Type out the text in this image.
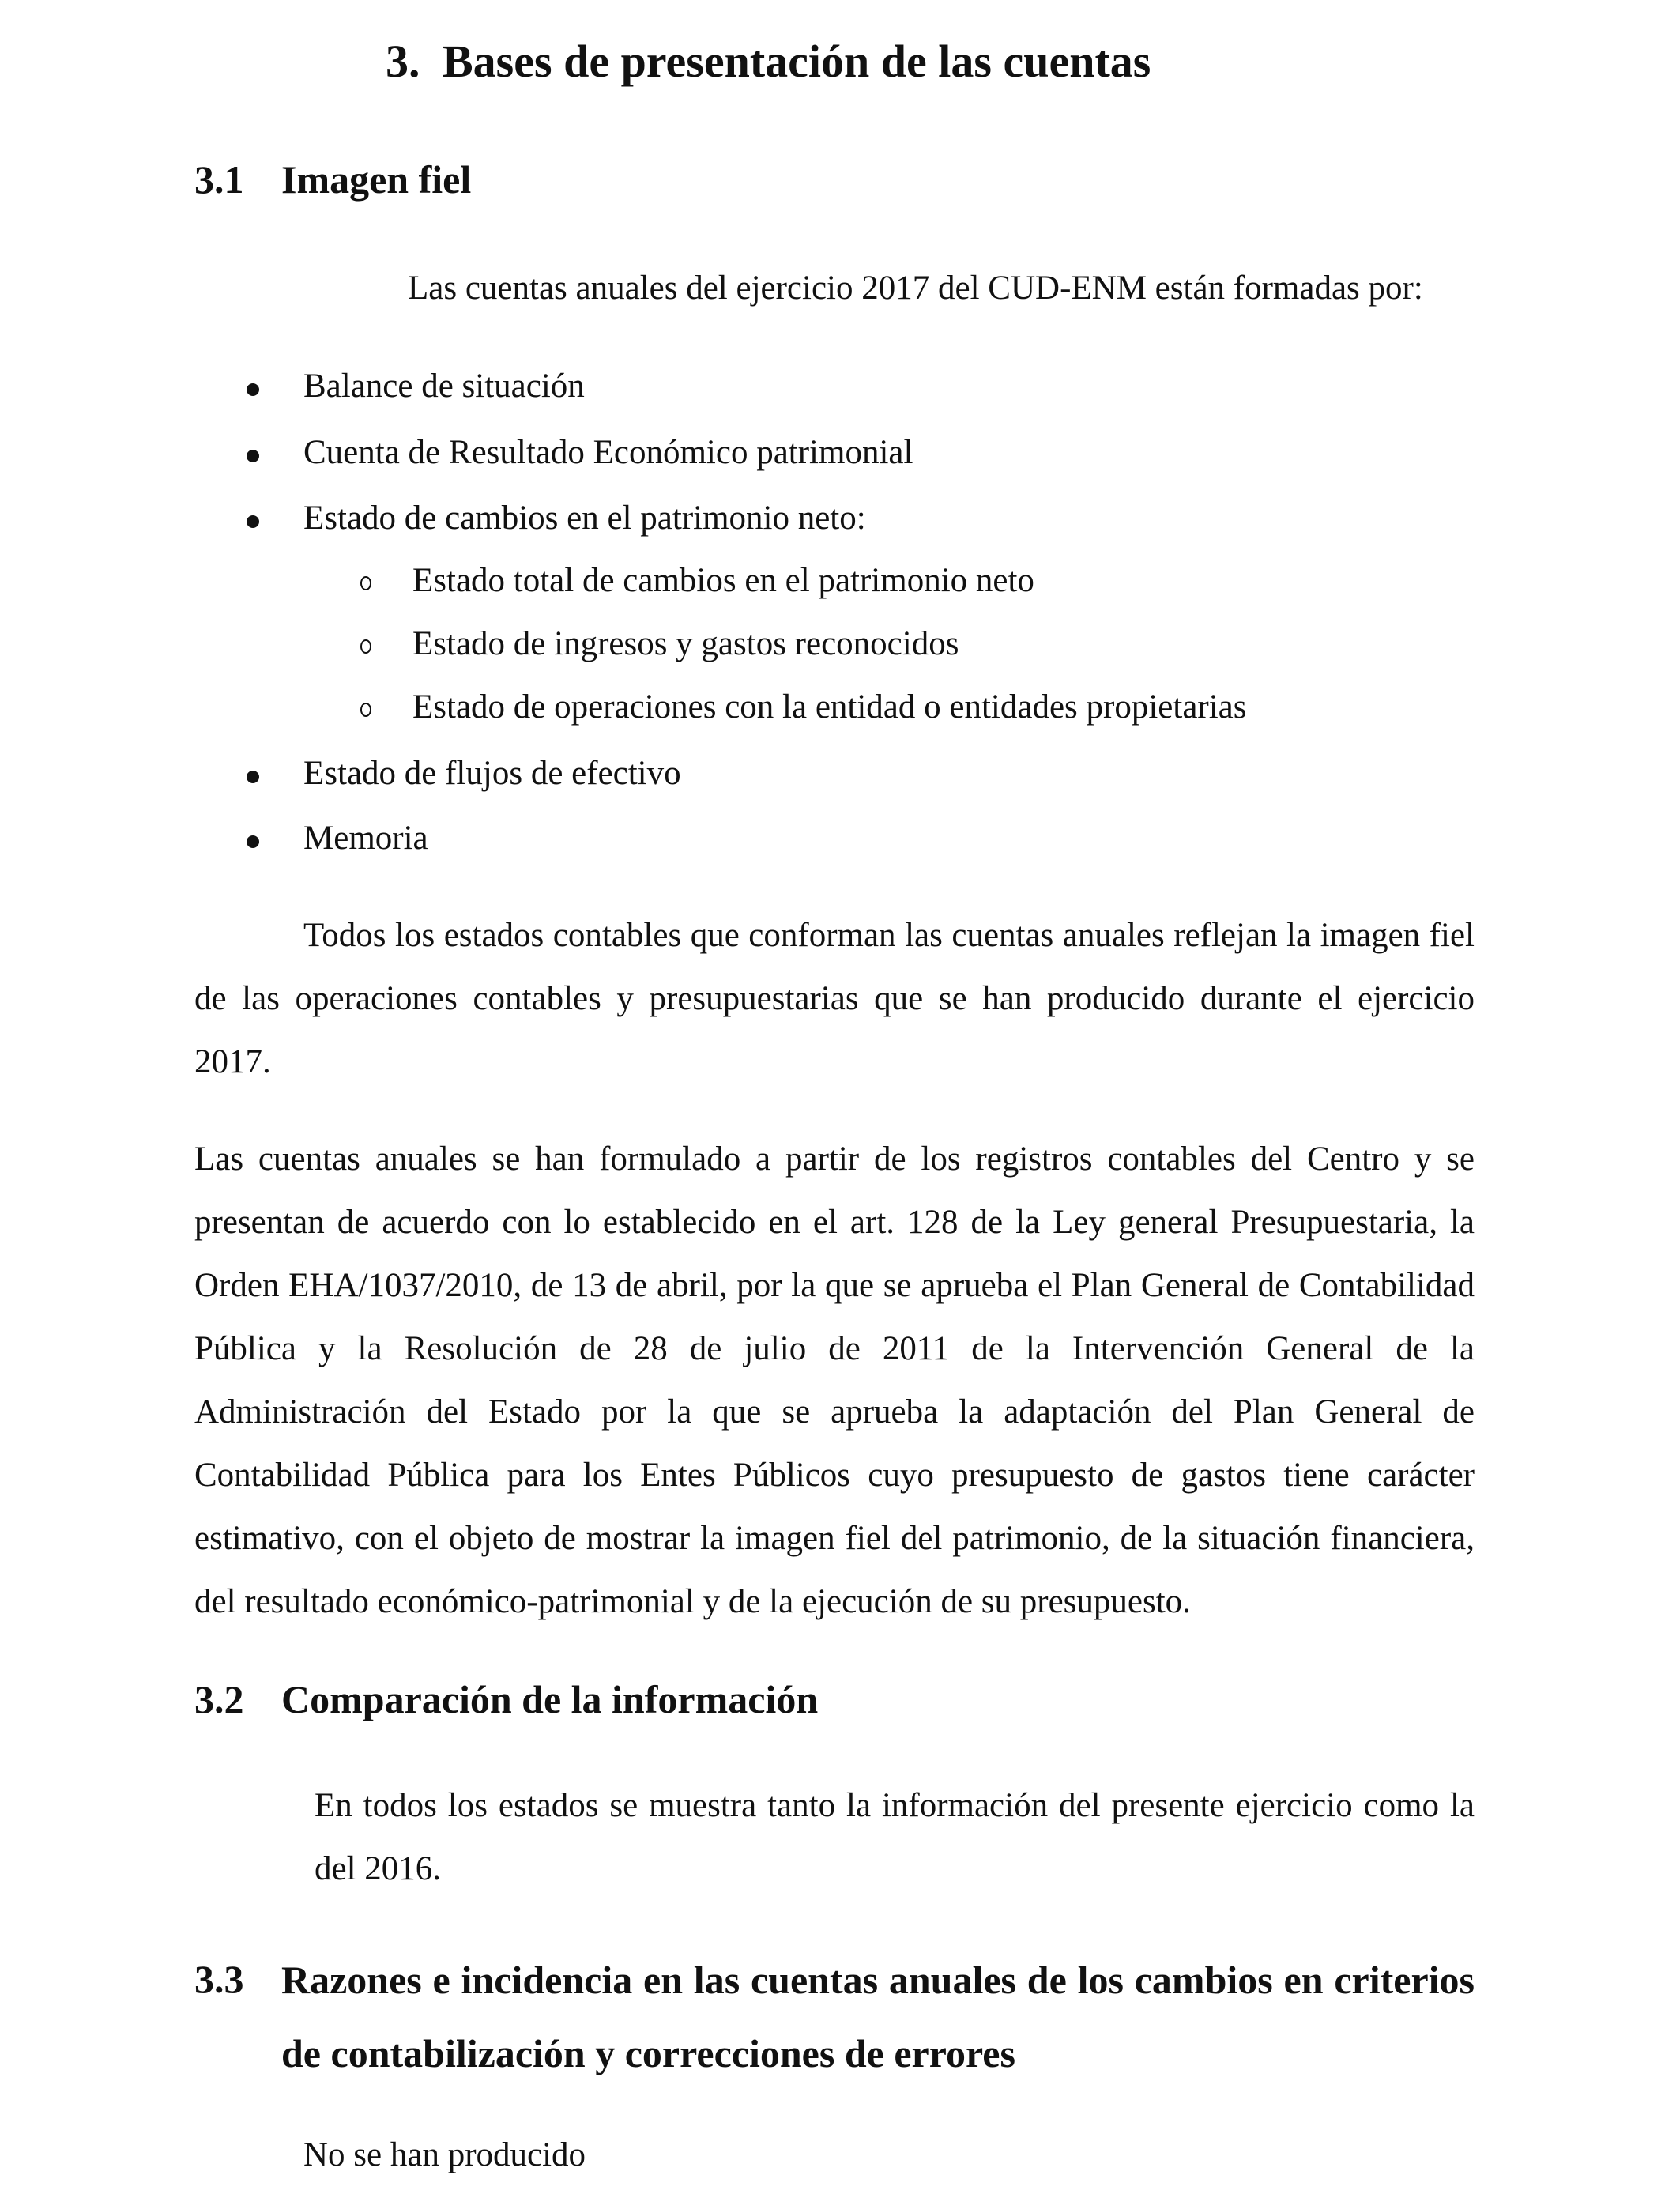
3. Bases de presentación de las cuentas
3.1 Imagen fiel
Las cuentas anuales del ejercicio 2017 del CUD-ENM están formadas por:
Balance de situación
Cuenta de Resultado Económico patrimonial
Estado de cambios en el patrimonio neto:
Estado total de cambios en el patrimonio neto
Estado de ingresos y gastos reconocidos
Estado de operaciones con la entidad o entidades propietarias
Estado de flujos de efectivo
Memoria
Todos los estados contables que conforman las cuentas anuales reflejan la imagen fiel de las operaciones contables y presupuestarias que se han producido durante el ejercicio 2017.
Las cuentas anuales se han formulado a partir de los registros contables del Centro y se presentan de acuerdo con lo establecido en el art. 128 de la Ley general Presupuestaria, la Orden EHA/1037/2010, de 13 de abril, por la que se aprueba el Plan General de Contabilidad Pública y la Resolución de 28 de julio de 2011 de la Intervención General de la Administración del Estado por la que se aprueba la adaptación del Plan General de Contabilidad Pública para los Entes Públicos cuyo presupuesto de gastos tiene carácter estimativo, con el objeto de mostrar la imagen fiel del patrimonio, de la situación financiera, del resultado económico-patrimonial y de la ejecución de su presupuesto.
3.2 Comparación de la información
En todos los estados se muestra tanto la información del presente ejercicio como la del 2016.
3.3 Razones e incidencia en las cuentas anuales de los cambios en criterios de contabilización y correcciones de errores
No se han producido
